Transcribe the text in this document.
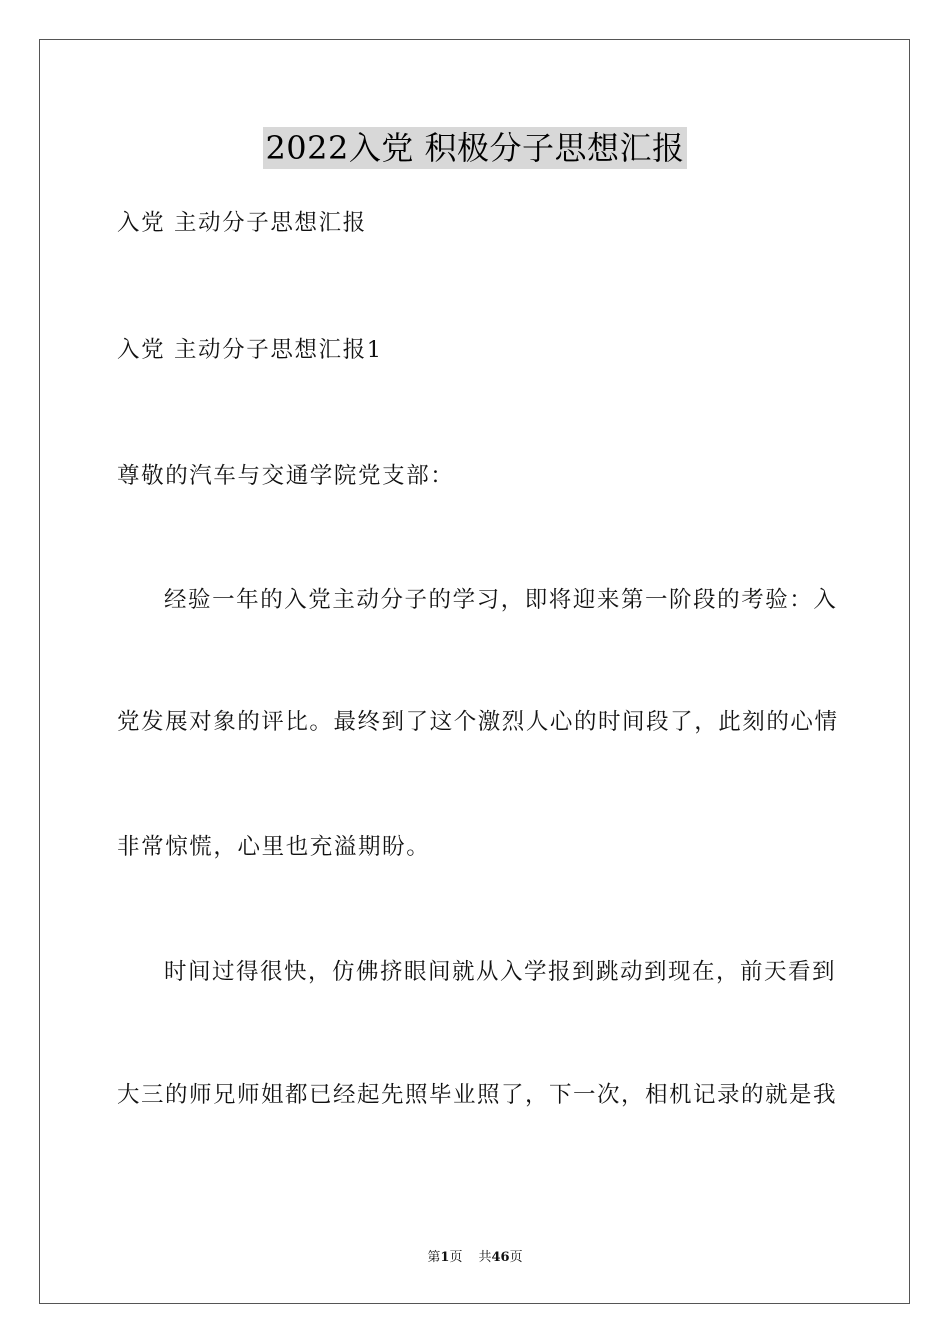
2022入党 积极分子思想汇报
入党 主动分子思想汇报
入党 主动分子思想汇报1
尊敬的汽车与交通学院党支部：
经验一年的入党主动分子的学习，即将迎来第一阶段的考验：入
党发展对象的评比。最终到了这个激烈人心的时间段了，此刻的心情
非常惊慌，心里也充溢期盼。
时间过得很快，仿佛挤眼间就从入学报到跳动到现在，前天看到
大三的师兄师姐都已经起先照毕业照了，下一次，相机记录的就是我
第1页 共46页
